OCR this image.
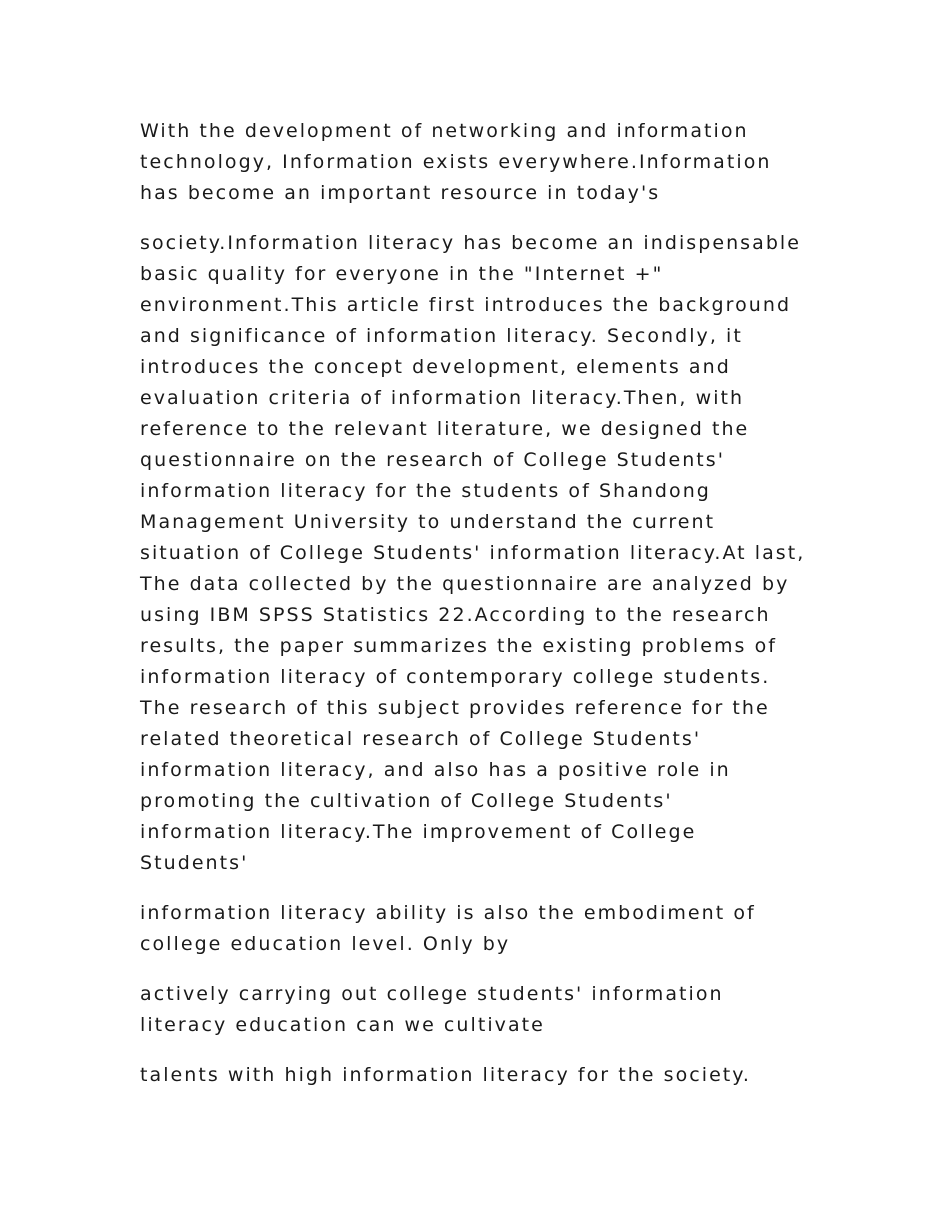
With the development of networking and information technology, Information exists everywhere.Information has become an important resource in today's

society.Information literacy has become an indispensable basic quality for everyone in the "Internet +" environment.This article first introduces the background and significance of information literacy. Secondly, it introduces the concept development, elements and evaluation criteria of information literacy.Then, with reference to the relevant literature, we designed the questionnaire on the research of College Students' information literacy for the students of Shandong Management University to understand the current situation of College Students' information literacy.At last, The data collected by the questionnaire are analyzed by using IBM SPSS Statistics 22.According to the research results, the paper summarizes the existing problems of information literacy of contemporary college students. The research of this subject provides reference for the related theoretical research of College Students' information literacy, and also has a positive role in promoting the cultivation of College Students' information literacy.The improvement of College Students'

information literacy ability is also the embodiment of college education level. Only by

actively carrying out college students' information literacy education can we cultivate

talents with high information literacy for the society.
